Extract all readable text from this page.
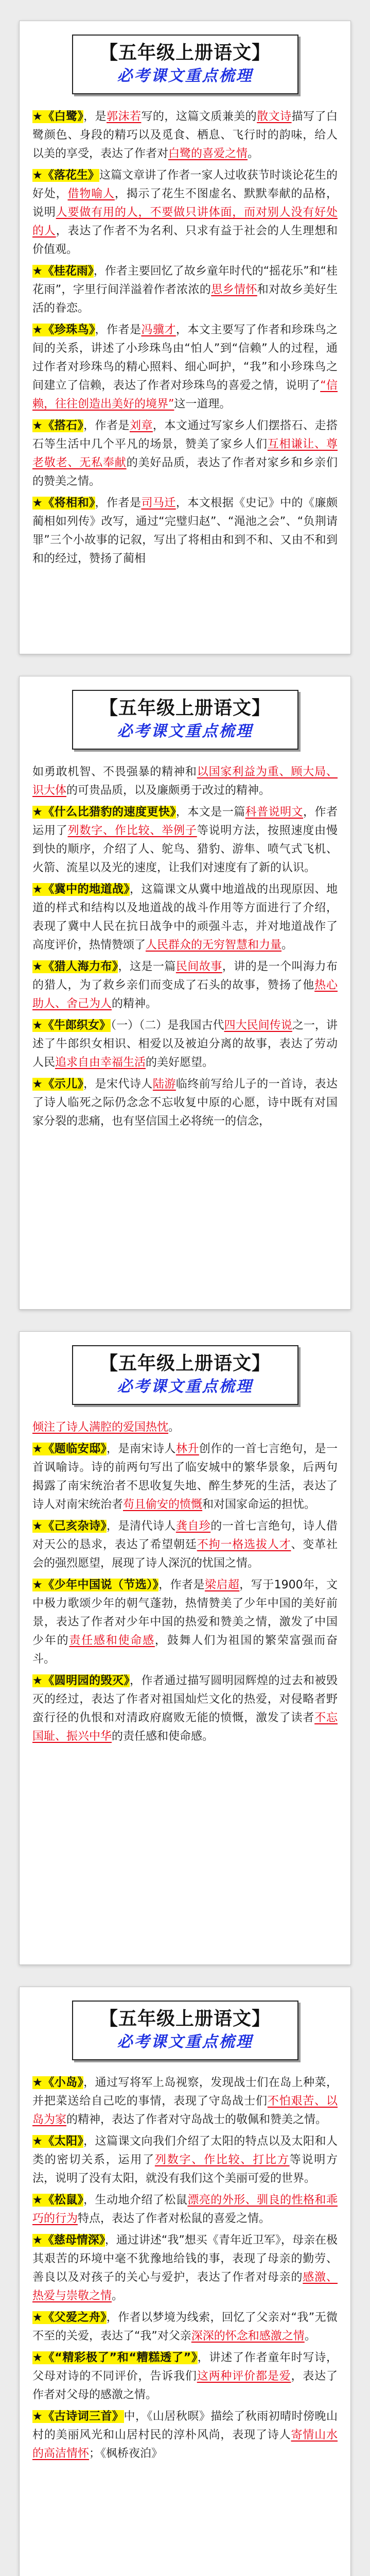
【五年级上册语文】
必考课文重点梳理

★《白鹭》，是郭沫若写的，这篇文质兼美的散文诗描写了白鹭颜色、身段的精巧以及觅食、栖息、飞行时的韵味，给人以美的享受，表达了作者对白鹭的喜爱之情。

★《落花生》这篇文章讲了作者一家人过收获节时谈论花生的好处，借物喻人，揭示了花生不图虚名、默默奉献的品格，说明人要做有用的人，不要做只讲体面，而对别人没有好处的人，表达了作者不为名利、只求有益于社会的人生理想和价值观。

★《桂花雨》，作者主要回忆了故乡童年时代的“摇花乐”和“桂花雨”，字里行间洋溢着作者浓浓的思乡情怀和对故乡美好生活的眷恋。

★《珍珠鸟》，作者是冯骥才，本文主要写了作者和珍珠鸟之间的关系，讲述了小珍珠鸟由“怕人”到“信赖”人的过程，通过作者对珍珠鸟的精心照料、细心呵护，“我”和小珍珠鸟之间建立了信赖，表达了作者对珍珠鸟的喜爱之情，说明了“信赖，往往创造出美好的境界”这一道理。

★《搭石》，作者是刘章，本文通过写家乡人们摆搭石、走搭石等生活中几个平凡的场景，赞美了家乡人们互相谦让、尊老敬老、无私奉献的美好品质，表达了作者对家乡和乡亲们的赞美之情。

★《将相和》，作者是司马迁，本文根据《史记》中的《廉颇蔺相如列传》改写，通过“完璧归赵”、“渑池之会”、“负荆请罪”三个小故事的记叙，写出了将相由和到不和、又由不和到和的经过，赞扬了蔺相

【五年级上册语文】
必考课文重点梳理

如勇敢机智、不畏强暴的精神和以国家利益为重、顾大局、识大体的可贵品质，以及廉颇勇于改过的精神。

★《什么比猎豹的速度更快》，本文是一篇科普说明文，作者运用了列数字、作比较、举例子等说明方法，按照速度由慢到快的顺序，介绍了人、鸵鸟、猎豹、游隼、喷气式飞机、火箭、流星以及光的速度，让我们对速度有了新的认识。

★《冀中的地道战》，这篇课文从冀中地道战的出现原因、地道的样式和结构以及地道战的战斗作用等方面进行了介绍，表现了冀中人民在抗日战争中的顽强斗志，并对地道战作了高度评价，热情赞颂了人民群众的无穷智慧和力量。

★《猎人海力布》，这是一篇民间故事，讲的是一个叫海力布的猎人，为了救乡亲们而变成了石头的故事，赞扬了他热心助人、舍己为人的精神。

★《牛郎织女》（一）（二）是我国古代四大民间传说之一，讲述了牛郎织女相识、相爱以及被迫分离的故事，表达了劳动人民追求自由幸福生活的美好愿望。

★《示儿》，是宋代诗人陆游临终前写给儿子的一首诗，表达了诗人临死之际仍念念不忘收复中原的心愿，诗中既有对国家分裂的悲痛，也有坚信国土必将统一的信念，

【五年级上册语文】
必考课文重点梳理

倾注了诗人满腔的爱国热忱。

★《题临安邸》，是南宋诗人林升创作的一首七言绝句，是一首讽喻诗。诗的前两句写出了临安城中的繁华景象，后两句揭露了南宋统治者不思收复失地、醉生梦死的生活，表达了诗人对南宋统治者苟且偷安的愤慨和对国家命运的担忧。

★《己亥杂诗》，是清代诗人龚自珍的一首七言绝句，诗人借对天公的恳求，表达了希望朝廷不拘一格选拔人才、变革社会的强烈愿望，展现了诗人深沉的忧国之情。

★《少年中国说（节选）》，作者是梁启超，写于1900年，文中极力歌颂少年的朝气蓬勃，热情赞美了少年中国的美好前景，表达了作者对少年中国的热爱和赞美之情，激发了中国少年的责任感和使命感，鼓舞人们为祖国的繁荣富强而奋斗。

★《圆明园的毁灭》，作者通过描写圆明园辉煌的过去和被毁灭的经过，表达了作者对祖国灿烂文化的热爱，对侵略者野蛮行径的仇恨和对清政府腐败无能的愤慨，激发了读者不忘国耻、振兴中华的责任感和使命感。

【五年级上册语文】
必考课文重点梳理

★《小岛》，通过写将军上岛视察，发现战士们在岛上种菜，并把菜送给自己吃的事情，表现了守岛战士们不怕艰苦、以岛为家的精神，表达了作者对守岛战士的敬佩和赞美之情。

★《太阳》，这篇课文向我们介绍了太阳的特点以及太阳和人类的密切关系，运用了列数字、作比较、打比方等说明方法，说明了没有太阳，就没有我们这个美丽可爱的世界。

★《松鼠》，生动地介绍了松鼠漂亮的外形、驯良的性格和乖巧的行为特点，表达了作者对松鼠的喜爱之情。

★《慈母情深》，通过讲述“我”想买《青年近卫军》，母亲在极其艰苦的环境中毫不犹豫地给钱的事，表现了母亲的勤劳、善良以及对孩子的关心与爱护，表达了作者对母亲的感激、热爱与崇敬之情。

★《父爱之舟》，作者以梦境为线索，回忆了父亲对“我”无微不至的关爱，表达了“我”对父亲深深的怀念和感激之情。

★《“精彩极了”和“糟糕透了”》，讲述了作者童年时写诗，父母对诗的不同评价，告诉我们这两种评价都是爱，表达了作者对父母的感激之情。

★《古诗词三首》中，《山居秋暝》描绘了秋雨初晴时傍晚山村的美丽风光和山居村民的淳朴风尚，表现了诗人寄情山水的高洁情怀；《枫桥夜泊》
